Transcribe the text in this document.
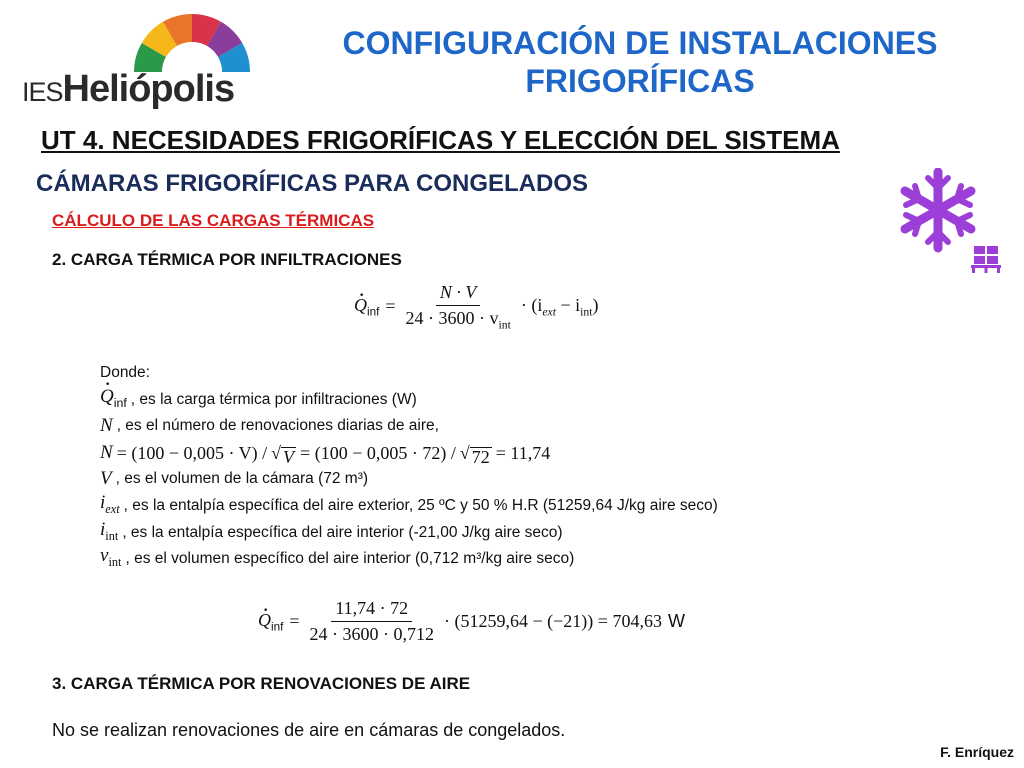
IESHeliópolis
CONFIGURACIÓN DE INSTALACIONES
FRIGORÍFICAS
UT 4. NECESIDADES FRIGORÍFICAS Y ELECCIÓN DEL SISTEMA
CÁMARAS FRIGORÍFICAS PARA CONGELADOS
CÁLCULO DE LAS CARGAS TÉRMICAS
2. CARGA TÉRMICA POR INFILTRACIONES
· $Q_{inf} = \frac{N \cdot V}{24 \cdot 3600 \cdot v_{int}} \cdot (i_{ext} - i_{int})$
Donde:
· $Q_{inf}$ , es la carga térmica por infiltraciones (W)
N , es el número de renovaciones diarias de aire,
N = (100 − 0,005 · V) / √ V = (100 − 0,005 · 72) / √ 72 = 11,74
V , es el volumen de la cámara (72 m³)
$i_{ext}$ , es la entalpía específica del aire exterior, 25 ºC y 50 % H.R (51259,64 J/kg aire seco)
$i_{int}$ , es la entalpía específica del aire interior (-21,00 J/kg aire seco)
$v_{int}$ , es el volumen específico del aire interior (0,712 m³/kg aire seco)
· $Q_{inf} = \frac{11,74 \cdot 72}{24 \cdot 3600 \cdot 0,712} \cdot (51259,64 - (-21)) = 704,63$ W
3. CARGA TÉRMICA POR RENOVACIONES DE AIRE
No se realizan renovaciones de aire en cámaras de congelados.
F. Enríquez
